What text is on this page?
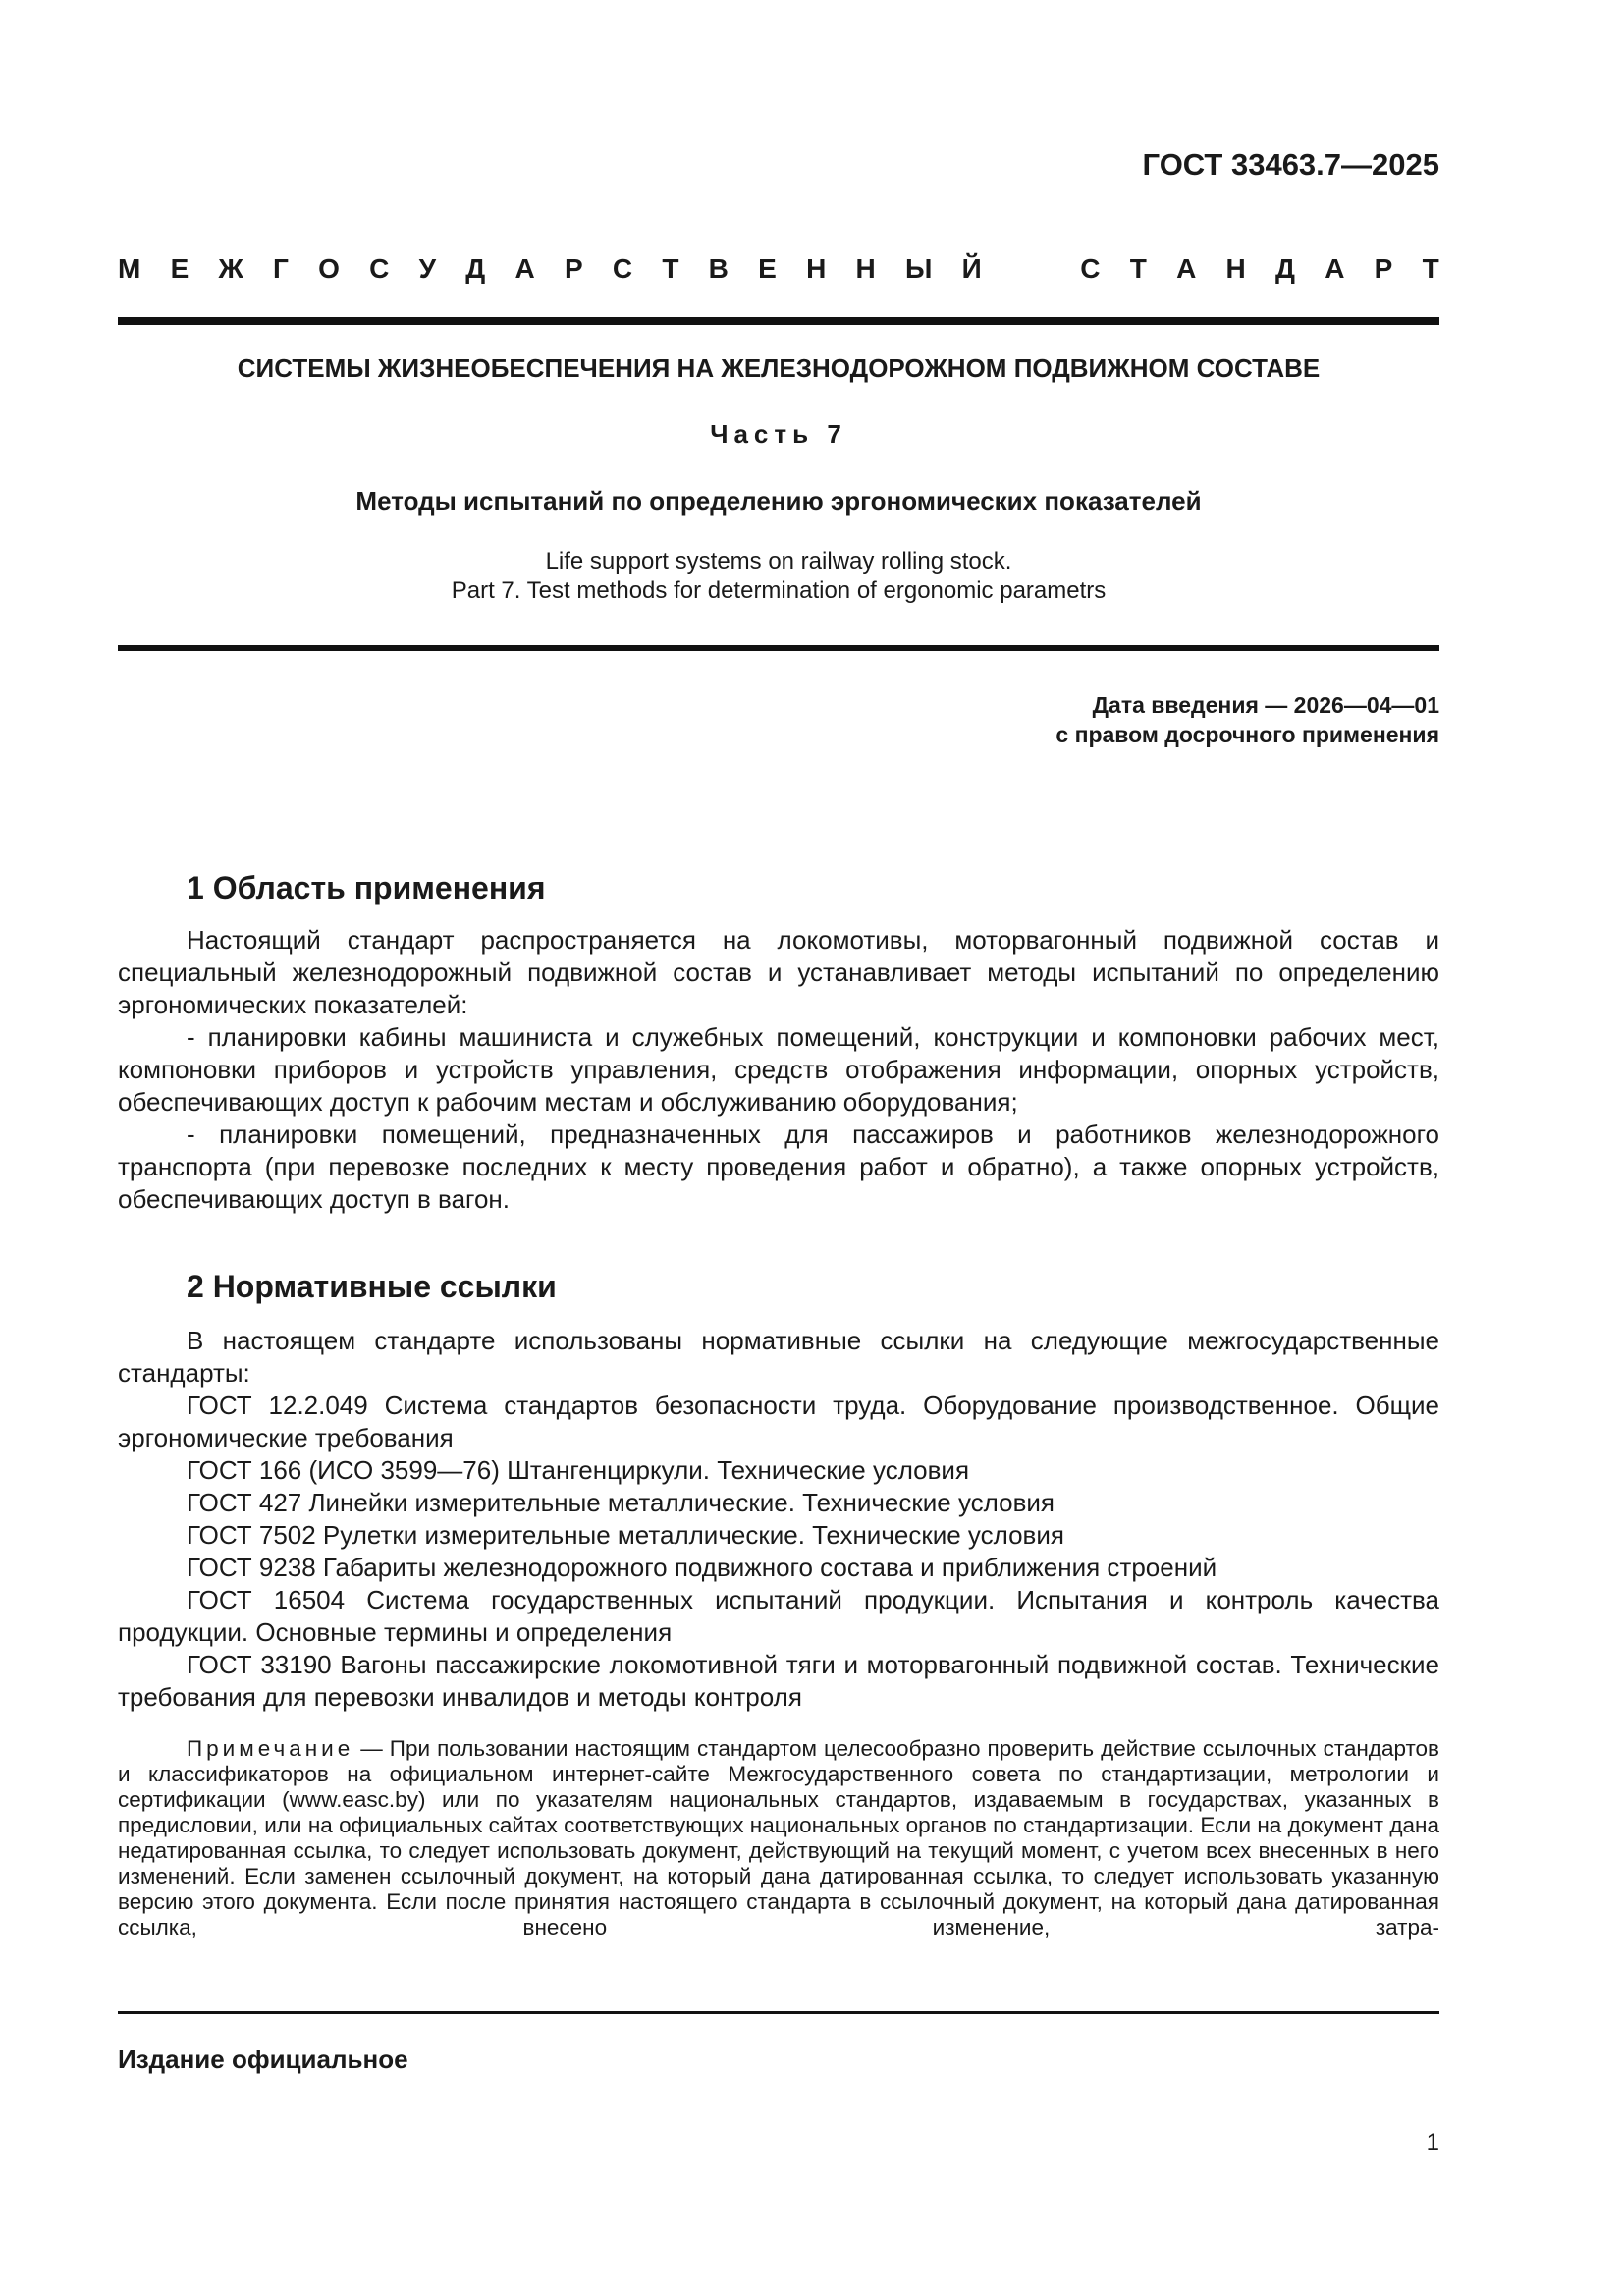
ГОСТ 33463.7—2025
М Е Ж Г О С У Д А Р С Т В Е Н Н Ы Й	С Т А Н Д А Р Т
СИСТЕМЫ ЖИЗНЕОБЕСПЕЧЕНИЯ НА ЖЕЛЕЗНОДОРОЖНОМ ПОДВИЖНОМ СОСТАВЕ
Часть 7
Методы испытаний по определению эргономических показателей
Life support systems on railway rolling stock.
Part 7. Test methods for determination of ergonomic parametrs
Дата введения — 2026—04—01
с правом досрочного применения
1 Область применения

Настоящий стандарт распространяется на локомотивы, моторвагонный подвижной состав и специальный железнодорожный подвижной состав и устанавливает методы испытаний по определению эргономических показателей:

- планировки кабины машиниста и служебных помещений, конструкции и компоновки рабочих мест, компоновки приборов и устройств управления, средств отображения информации, опорных устройств, обеспечивающих доступ к рабочим местам и обслуживанию оборудования;

- планировки помещений, предназначенных для пассажиров и работников железнодорожного транспорта (при перевозке последних к месту проведения работ и обратно), а также опорных устройств, обеспечивающих доступ в вагон.

2 Нормативные ссылки

В настоящем стандарте использованы нормативные ссылки на следующие межгосударственные стандарты:

ГОСТ 12.2.049 Система стандартов безопасности труда. Оборудование производственное. Общие эргономические требования

ГОСТ 166 (ИСО 3599—76) Штангенциркули. Технические условия

ГОСТ 427 Линейки измерительные металлические. Технические условия

ГОСТ 7502 Рулетки измерительные металлические. Технические условия

ГОСТ 9238 Габариты железнодорожного подвижного состава и приближения строений

ГОСТ 16504 Система государственных испытаний продукции. Испытания и контроль качества продукции. Основные термины и определения

ГОСТ 33190 Вагоны пассажирские локомотивной тяги и моторвагонный подвижной состав. Технические требования для перевозки инвалидов и методы контроля

Примечание — При пользовании настоящим стандартом целесообразно проверить действие ссылочных стандартов и классификаторов на официальном интернет-сайте Межгосударственного совета по стандартизации, метрологии и сертификации (www.easc.by) или по указателям национальных стандартов, издаваемым в государствах, указанных в предисловии, или на официальных сайтах соответствующих национальных органов по стандартизации. Если на документ дана недатированная ссылка, то следует использовать документ, действующий на текущий момент, с учетом всех внесенных в него изменений. Если заменен ссылочный документ, на который дана датированная ссылка, то следует использовать указанную версию этого документа. Если после принятия настоящего стандарта в ссылочный документ, на который дана датированная ссылка, внесено изменение, затра-

Издание официальное
1
